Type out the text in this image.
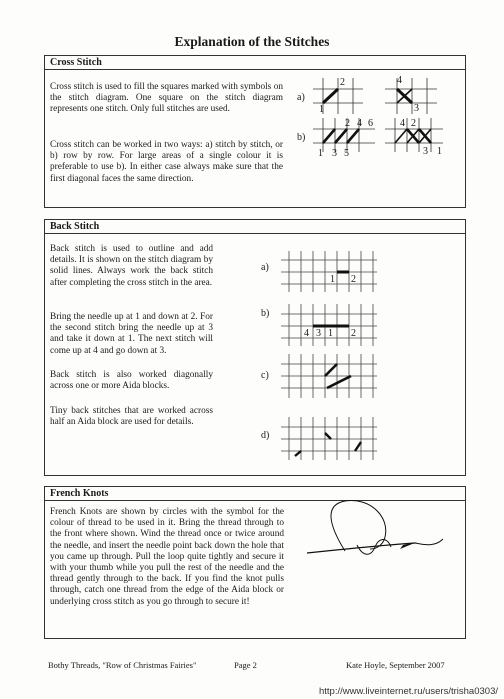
Explanation of the Stitches
Cross Stitch

Cross stitch is used to fill the squares marked with symbols on the stitch diagram. One square on the stitch diagram represents one stitch. Only full stitches are used.

Cross stitch can be worked in two ways: a) stitch by stitch, or b) row by row. For large areas of a single colour it is preferable to use b). In either case always make sure that the first diagonal faces the same direction.

a)
b)
1
2	4
3
1 3 5
2 4 6	4 2
3 1
Back Stitch

Back stitch is used to outline and add details. It is shown on the stitch diagram by solid lines. Always work the back stitch after completing the cross stitch in the area.

Bring the needle up at 1 and down at 2. For the second stitch bring the needle up at 3 and take it down at 1. The next stitch will come up at 4 and go down at 3.

Back stitch is also worked diagonally across one or more Aida blocks.

Tiny back stitches that are worked across half an Aida block are used for details.

a)
b)
c)
d)
1 2
4 3 1 2
French Knots

French Knots are shown by circles with the symbol for the colour of thread to be used in it. Bring the thread through to the front where shown. Wind the thread once or twice around the needle, and insert the needle point back down the hole that you came up through. Pull the loop quite tightly and secure it with your thumb while you pull the rest of the needle and the thread gently through to the back. If you find the knot pulls through, catch one thread from the edge of the Aida block or underlying cross stitch as you go through to secure it!

Bothy Threads, "Row of Christmas Fairies"	Page 2	Kate Hoyle, September 2007
http://www.liveinternet.ru/users/trisha0303/
